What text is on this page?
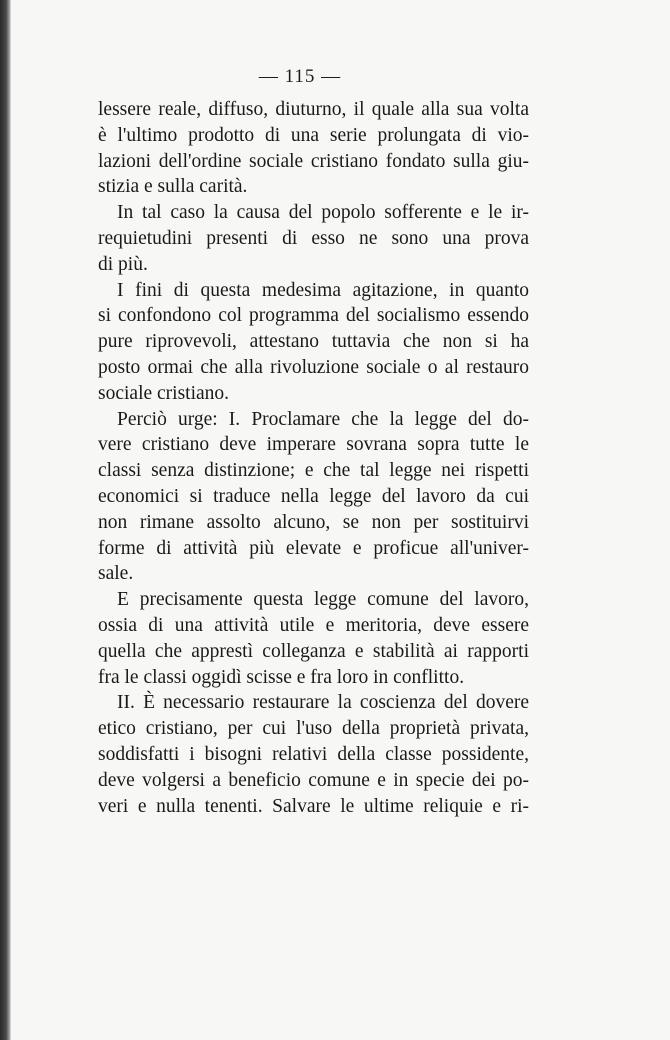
— 115 —
lessere reale, diffuso, diuturno, il quale alla sua volta
è l'ultimo prodotto di una serie prolungata di vio-
lazioni dell'ordine sociale cristiano fondato sulla giu-
stizia e sulla carità.
In tal caso la causa del popolo sofferente e le ir-
requietudini presenti di esso ne sono una prova
di più.
I fini di questa medesima agitazione, in quanto
si confondono col programma del socialismo essendo
pure riprovevoli, attestano tuttavia che non si ha
posto ormai che alla rivoluzione sociale o al restauro
sociale cristiano.
Perciò urge: I. Proclamare che la legge del do-
vere cristiano deve imperare sovrana sopra tutte le
classi senza distinzione; e che tal legge nei rispetti
economici si traduce nella legge del lavoro da cui
non rimane assolto alcuno, se non per sostituirvi
forme di attività più elevate e proficue all'univer-
sale.
E precisamente questa legge comune del lavoro,
ossia di una attività utile e meritoria, deve essere
quella che apprestì colleganza e stabilità ai rapporti
fra le classi oggidì scisse e fra loro in conflitto.
II. È necessario restaurare la coscienza del dovere
etico cristiano, per cui l'uso della proprietà privata,
soddisfatti i bisogni relativi della classe possidente,
deve volgersi a beneficio comune e in specie dei po-
veri e nulla tenenti. Salvare le ultime reliquie e ri-
